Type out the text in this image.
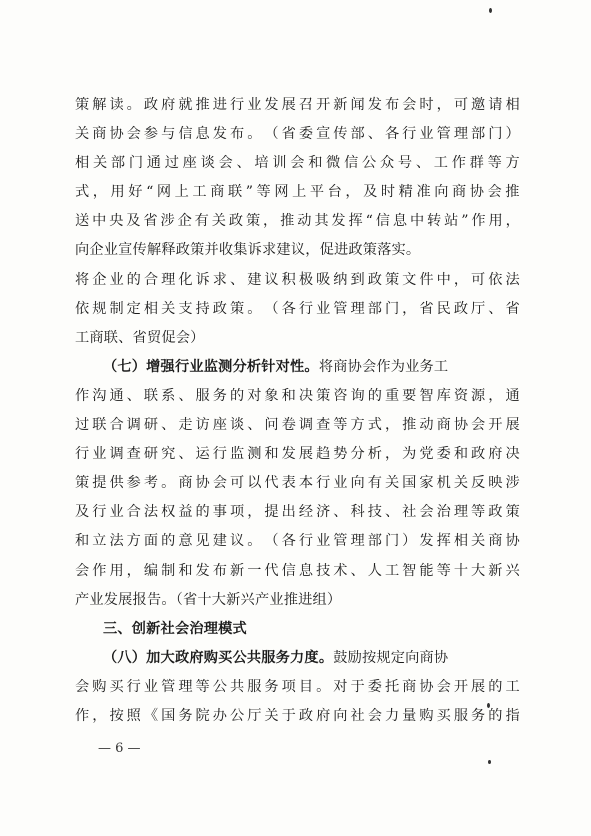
策 解 读 。 政 府 就 推 进 行 业 发 展 召 开 新 闻 发 布 会 时 ， 可 邀 请 相
关 商 协 会 参 与 信 息 发 布 。 （ 省 委 宣 传 部 、 各 行 业 管 理 部 门 ）
相 关 部 门 通 过 座 谈 会 、 培 训 会 和 微 信 公 众 号 、 工 作 群 等 方
式 ， 用 好 “ 网 上 工 商 联 ” 等 网 上 平 台 ， 及 时 精 准 向 商 协 会 推
送 中 央 及 省 涉 企 有 关 政 策 ， 推 动 其 发 挥 “ 信 息 中 转 站 ” 作 用 ，
向企业宣传解释政策并收集诉求建议，促进政策落实。
将 企 业 的 合 理 化 诉 求 、 建 议 积 极 吸 纳 到 政 策 文 件 中 ， 可 依 法
依 规 制 定 相 关 支 持 政 策 。 （ 各 行 业 管 理 部 门 ， 省 民 政 厅 、 省
工商联、省贸促会）
（七）增强行业监测分析针对性。将商协会作为业务工
作 沟 通 、 联 系 、 服 务 的 对 象 和 决 策 咨 询 的 重 要 智 库 资 源 ， 通
过 联 合 调 研 、 走 访 座 谈 、 问 卷 调 查 等 方 式 ， 推 动 商 协 会 开 展
行 业 调 查 研 究 、 运 行 监 测 和 发 展 趋 势 分 析 ， 为 党 委 和 政 府 决
策 提 供 参 考 。 商 协 会 可 以 代 表 本 行 业 向 有 关 国 家 机 关 反 映 涉
及 行 业 合 法 权 益 的 事 项 ， 提 出 经 济 、 科 技 、 社 会 治 理 等 政 策
和 立 法 方 面 的 意 见 建 议 。 （ 各 行 业 管 理 部 门 ） 发 挥 相 关 商 协
会 作 用 ， 编 制 和 发 布 新 一 代 信 息 技 术 、 人 工 智 能 等 十 大 新 兴
产业发展报告。（省十大新兴产业推进组）
三、创新社会治理模式
（八）加大政府购买公共服务力度。鼓励按规定向商协
会 购 买 行 业 管 理 等 公 共 服 务 项 目 。 对 于 委 托 商 协 会 开 展 的 工
作 ， 按 照 《 国 务 院 办 公 厅 关 于 政 府 向 社 会 力 量 购 买 服 务 的 指
— 6 —
